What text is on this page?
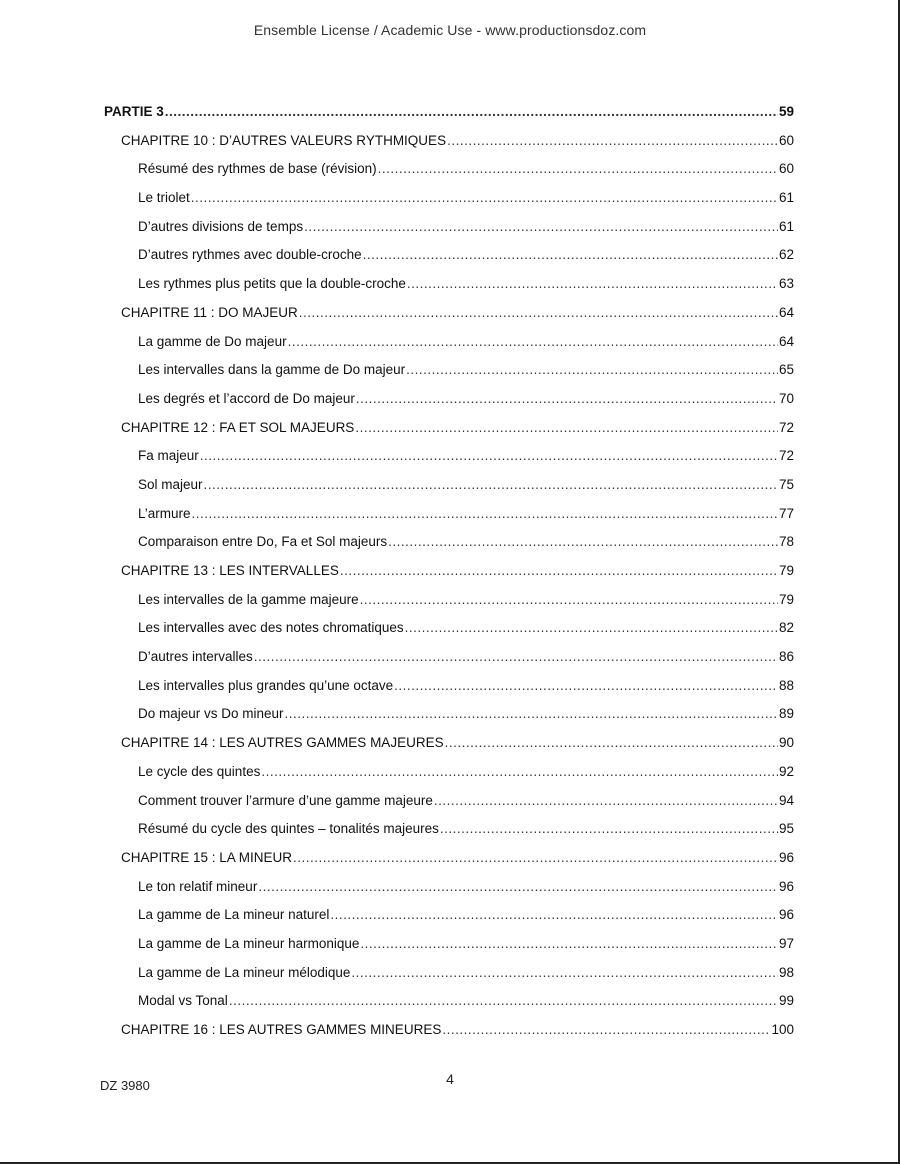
Ensemble License / Academic Use - www.productionsdoz.com
PARTIE 3 .....	59
CHAPITRE 10 : D’AUTRES VALEURS RYTHMIQUES .....	60
Résumé des rythmes de base (révision) .....	60
Le triolet .....	61
D’autres divisions de temps .....	61
D’autres rythmes avec double-croche .....	62
Les rythmes plus petits que la double-croche .....	63
CHAPITRE 11 : DO MAJEUR .....	64
La gamme de Do majeur .....	64
Les intervalles dans la gamme de Do majeur .....	65
Les degrés et l’accord de Do majeur .....	70
CHAPITRE 12 : FA ET SOL MAJEURS .....	72
Fa majeur .....	72
Sol majeur .....	75
L’armure .....	77
Comparaison entre Do, Fa et Sol majeurs .....	78
CHAPITRE 13 : LES INTERVALLES .....	79
Les intervalles de la gamme majeure .....	79
Les intervalles avec des notes chromatiques .....	82
D’autres intervalles .....	86
Les intervalles plus grandes qu’une octave .....	88
Do majeur vs Do mineur .....	89
CHAPITRE 14 : LES AUTRES GAMMES MAJEURES .....	90
Le cycle des quintes .....	92
Comment trouver l’armure d’une gamme majeure .....	94
Résumé du cycle des quintes – tonalités majeures .....	95
CHAPITRE 15 : LA MINEUR .....	96
Le ton relatif mineur .....	96
La gamme de La mineur naturel .....	96
La gamme de La mineur harmonique .....	97
La gamme de La mineur mélodique .....	98
Modal vs Tonal .....	99
CHAPITRE 16 : LES AUTRES GAMMES MINEURES .....	100
DZ 3980	4
